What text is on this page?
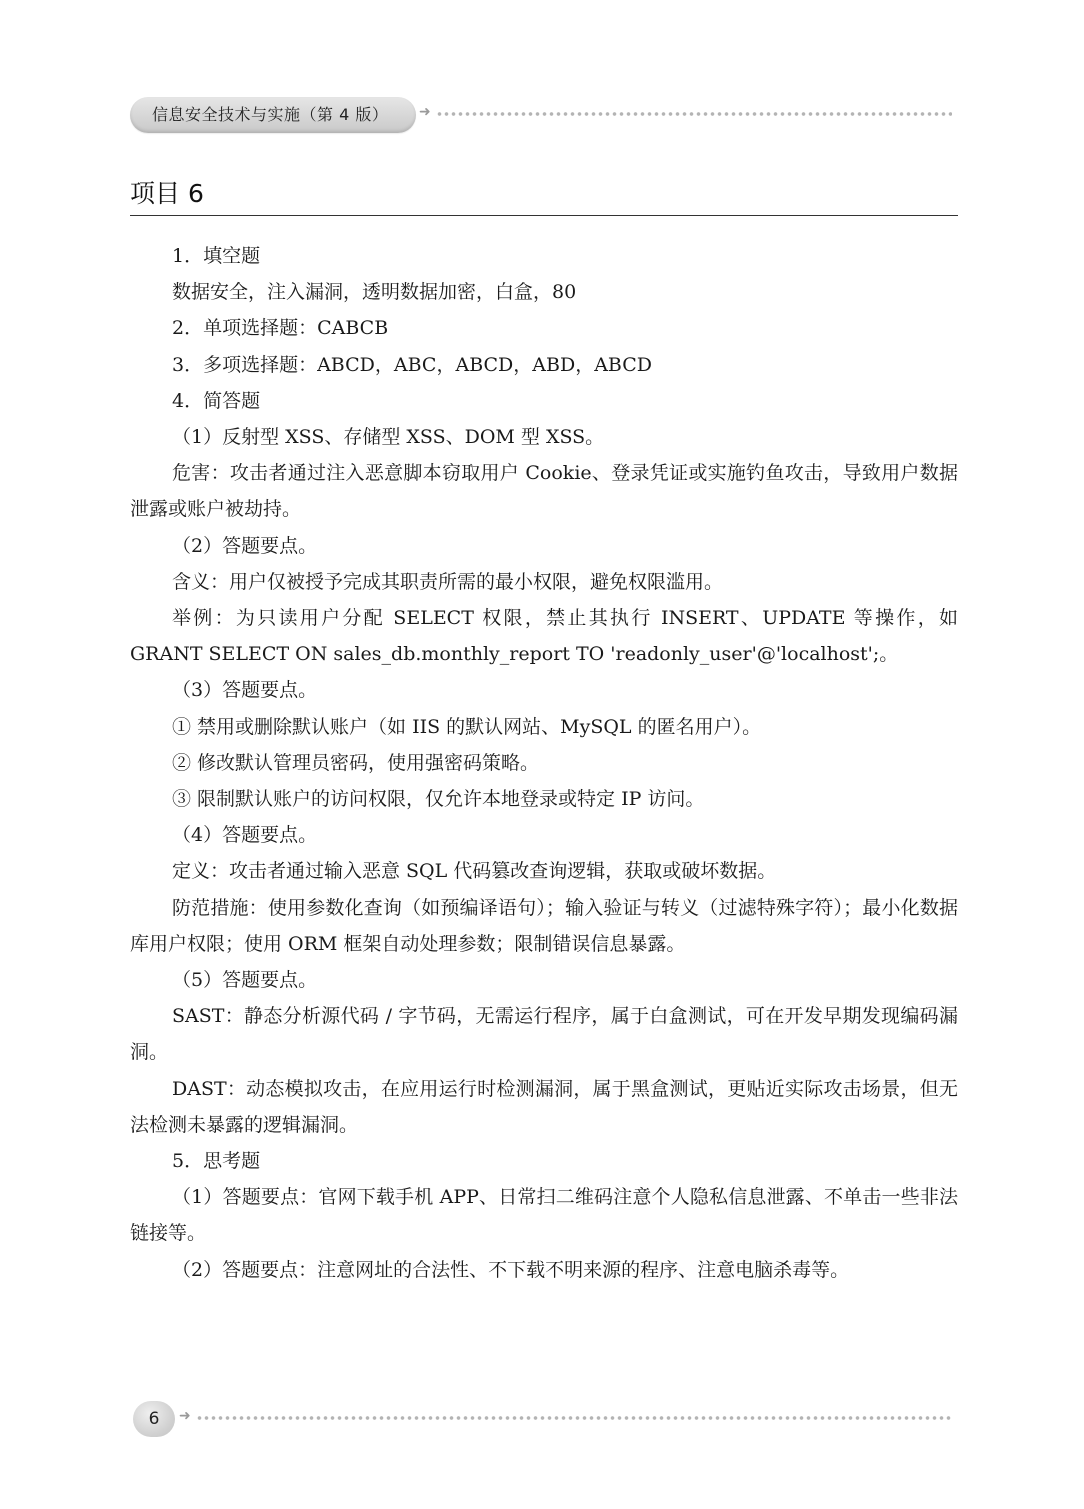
信息安全技术与实施（第 4 版）	➜
项目 6

1．填空题

数据安全，注入漏洞，透明数据加密，白盒，80

2．单项选择题：CABCB

3．多项选择题：ABCD，ABC，ABCD，ABD，ABCD

4．简答题

（1）反射型 XSS、存储型 XSS、DOM 型 XSS。

危害：攻击者通过注入恶意脚本窃取用户 Cookie、登录凭证或实施钓鱼攻击，导致用户数据泄露或账户被劫持。

（2）答题要点。

含义：用户仅被授予完成其职责所需的最小权限，避免权限滥用。

举例：为只读用户分配 SELECT 权限，禁止其执行 INSERT、UPDATE 等操作，如 GRANT SELECT ON sales_db.monthly_report TO 'readonly_user'@'localhost';。

（3）答题要点。

① 禁用或删除默认账户（如 IIS 的默认网站、MySQL 的匿名用户）。

② 修改默认管理员密码，使用强密码策略。

③ 限制默认账户的访问权限，仅允许本地登录或特定 IP 访问。

（4）答题要点。

定义：攻击者通过输入恶意 SQL 代码篡改查询逻辑，获取或破坏数据。

防范措施：使用参数化查询（如预编译语句）；输入验证与转义（过滤特殊字符）；最小化数据库用户权限；使用 ORM 框架自动处理参数；限制错误信息暴露。

（5）答题要点。

SAST：静态分析源代码 / 字节码，无需运行程序，属于白盒测试，可在开发早期发现编码漏洞。

DAST：动态模拟攻击，在应用运行时检测漏洞，属于黑盒测试，更贴近实际攻击场景，但无法检测未暴露的逻辑漏洞。

5．思考题

（1）答题要点：官网下载手机 APP、日常扫二维码注意个人隐私信息泄露、不单击一些非法链接等。

（2）答题要点：注意网址的合法性、不下载不明来源的程序、注意电脑杀毒等。

6	➜
